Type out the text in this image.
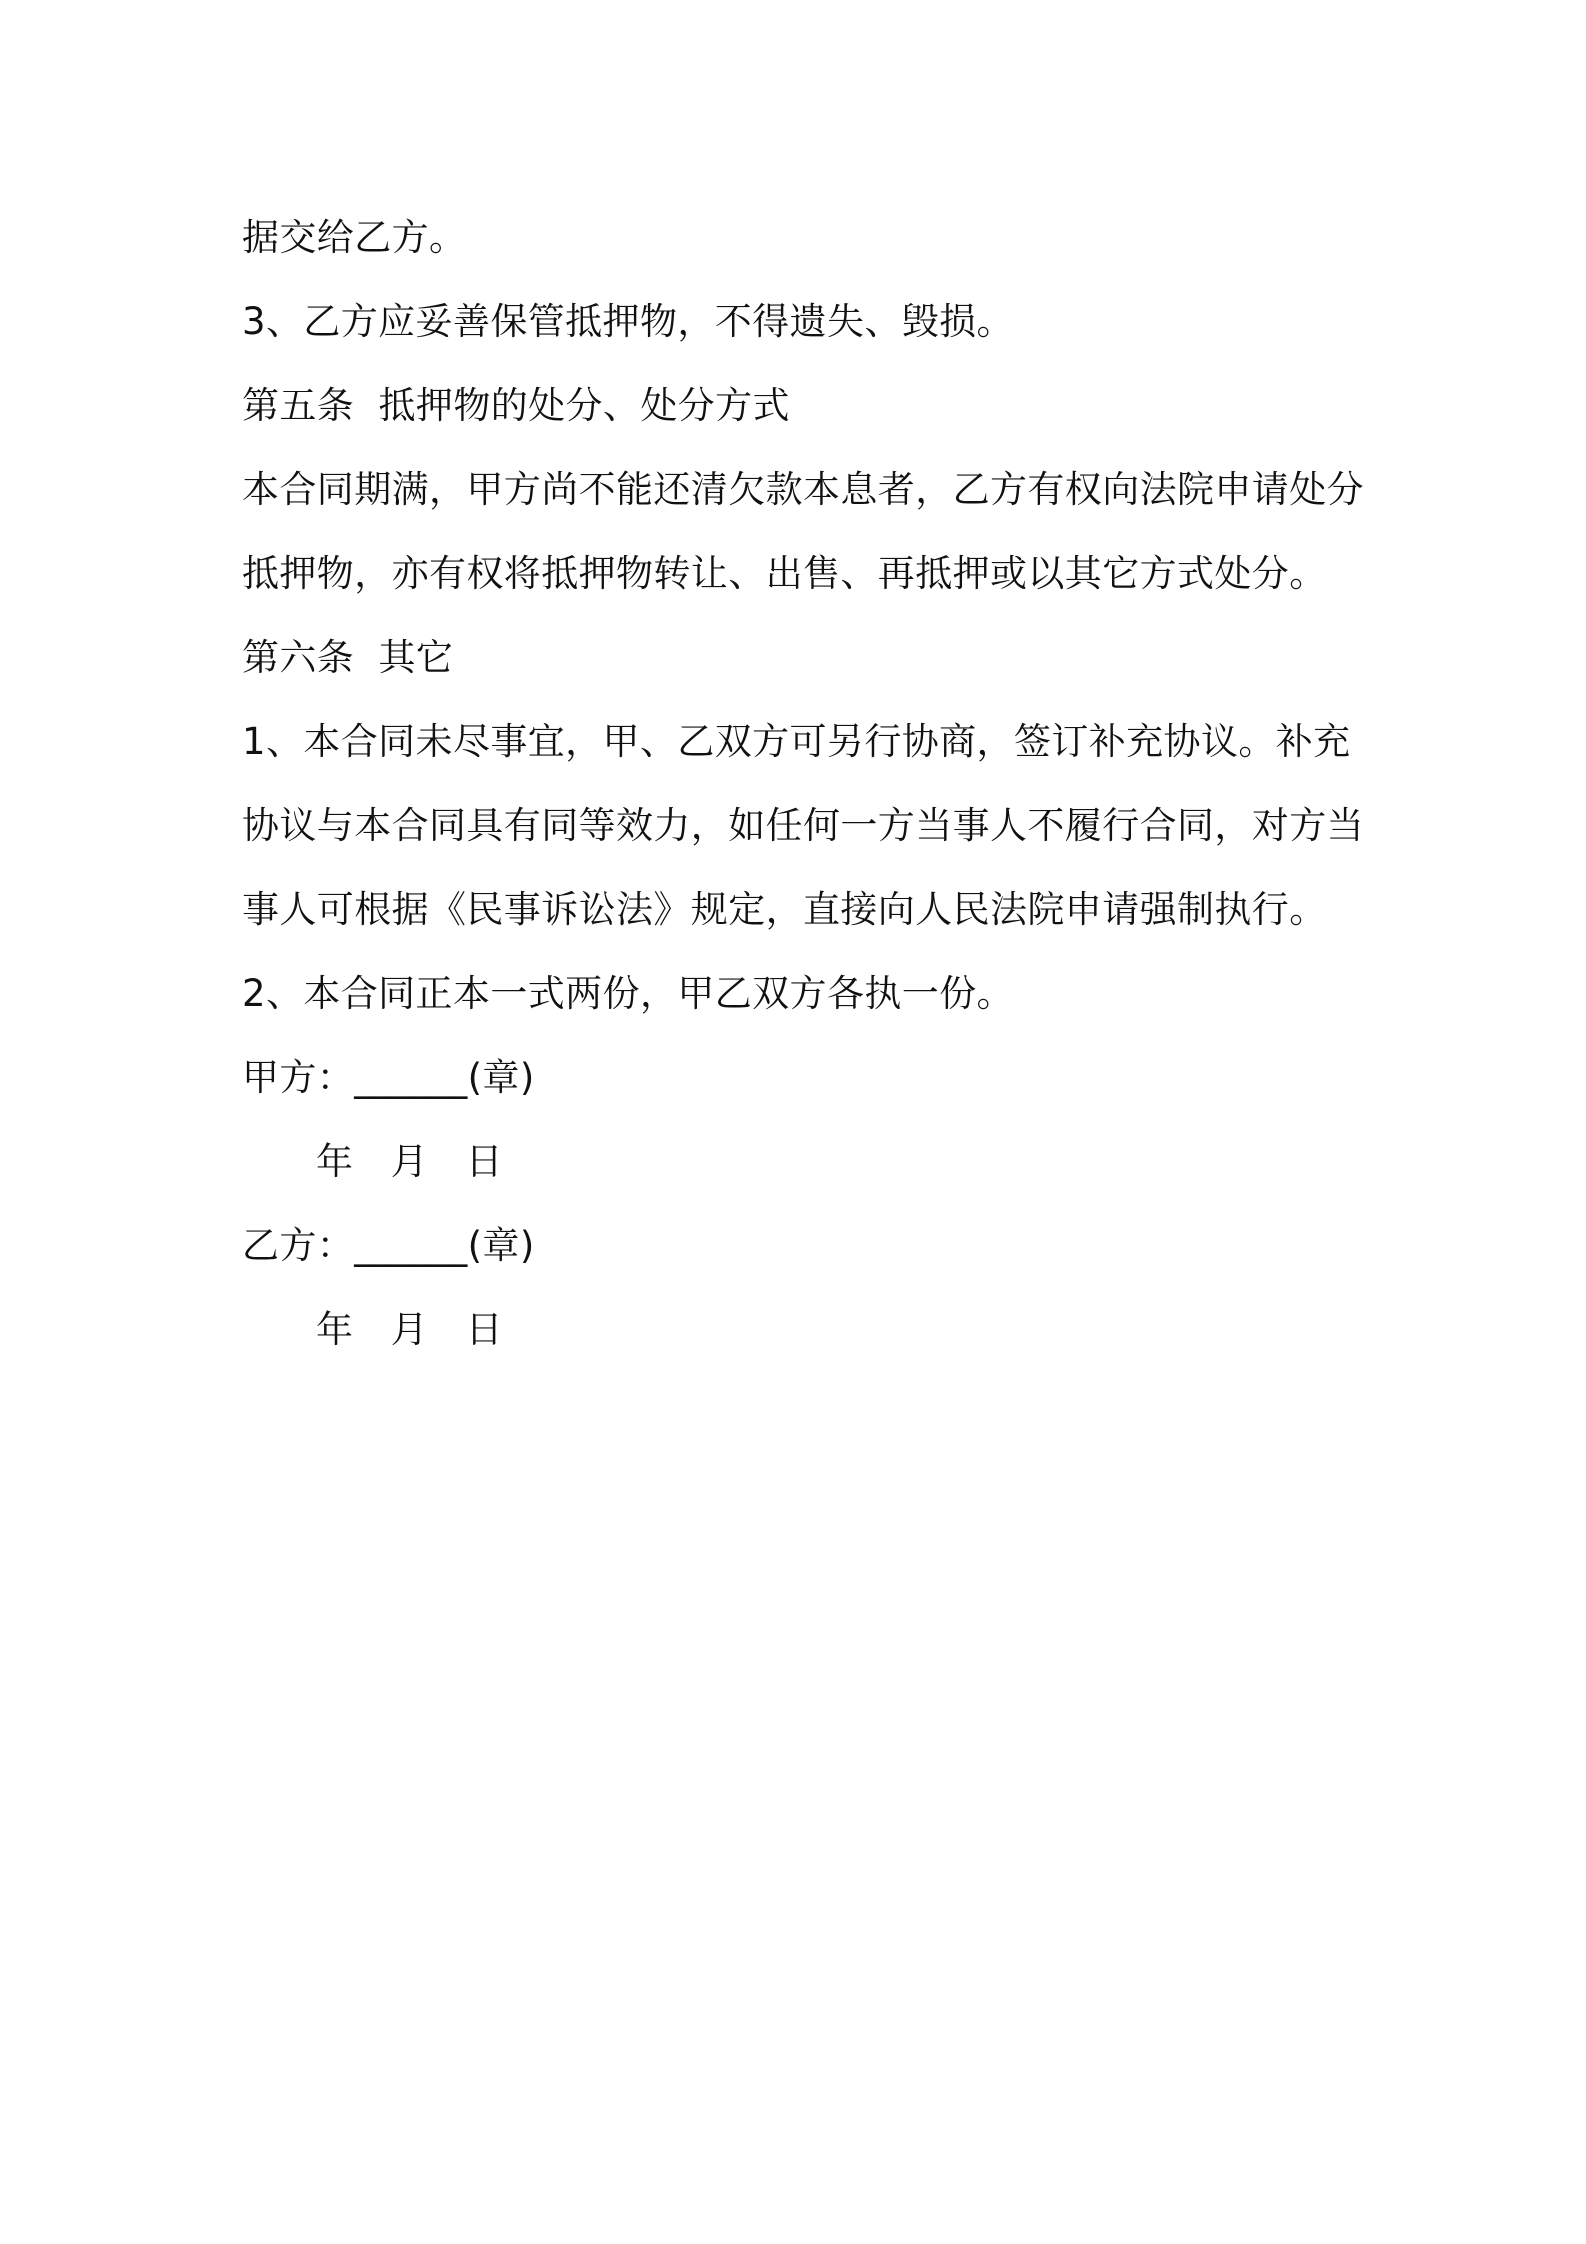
据交给乙方。
3、乙方应妥善保管抵押物，不得遗失、毁损。
第五条  抵押物的处分、处分方式
本合同期满，甲方尚不能还清欠款本息者，乙方有权向法院申请处分
抵押物，亦有权将抵押物转让、出售、再抵押或以其它方式处分。
第六条  其它
1、本合同未尽事宜，甲、乙双方可另行协商，签订补充协议。补充
协议与本合同具有同等效力，如任何一方当事人不履行合同，对方当
事人可根据《民事诉讼法》规定，直接向人民法院申请强制执行。
2、本合同正本一式两份，甲乙双方各执一份。
甲方：______(章)
年　月　日
乙方：______(章)
年　月　日
